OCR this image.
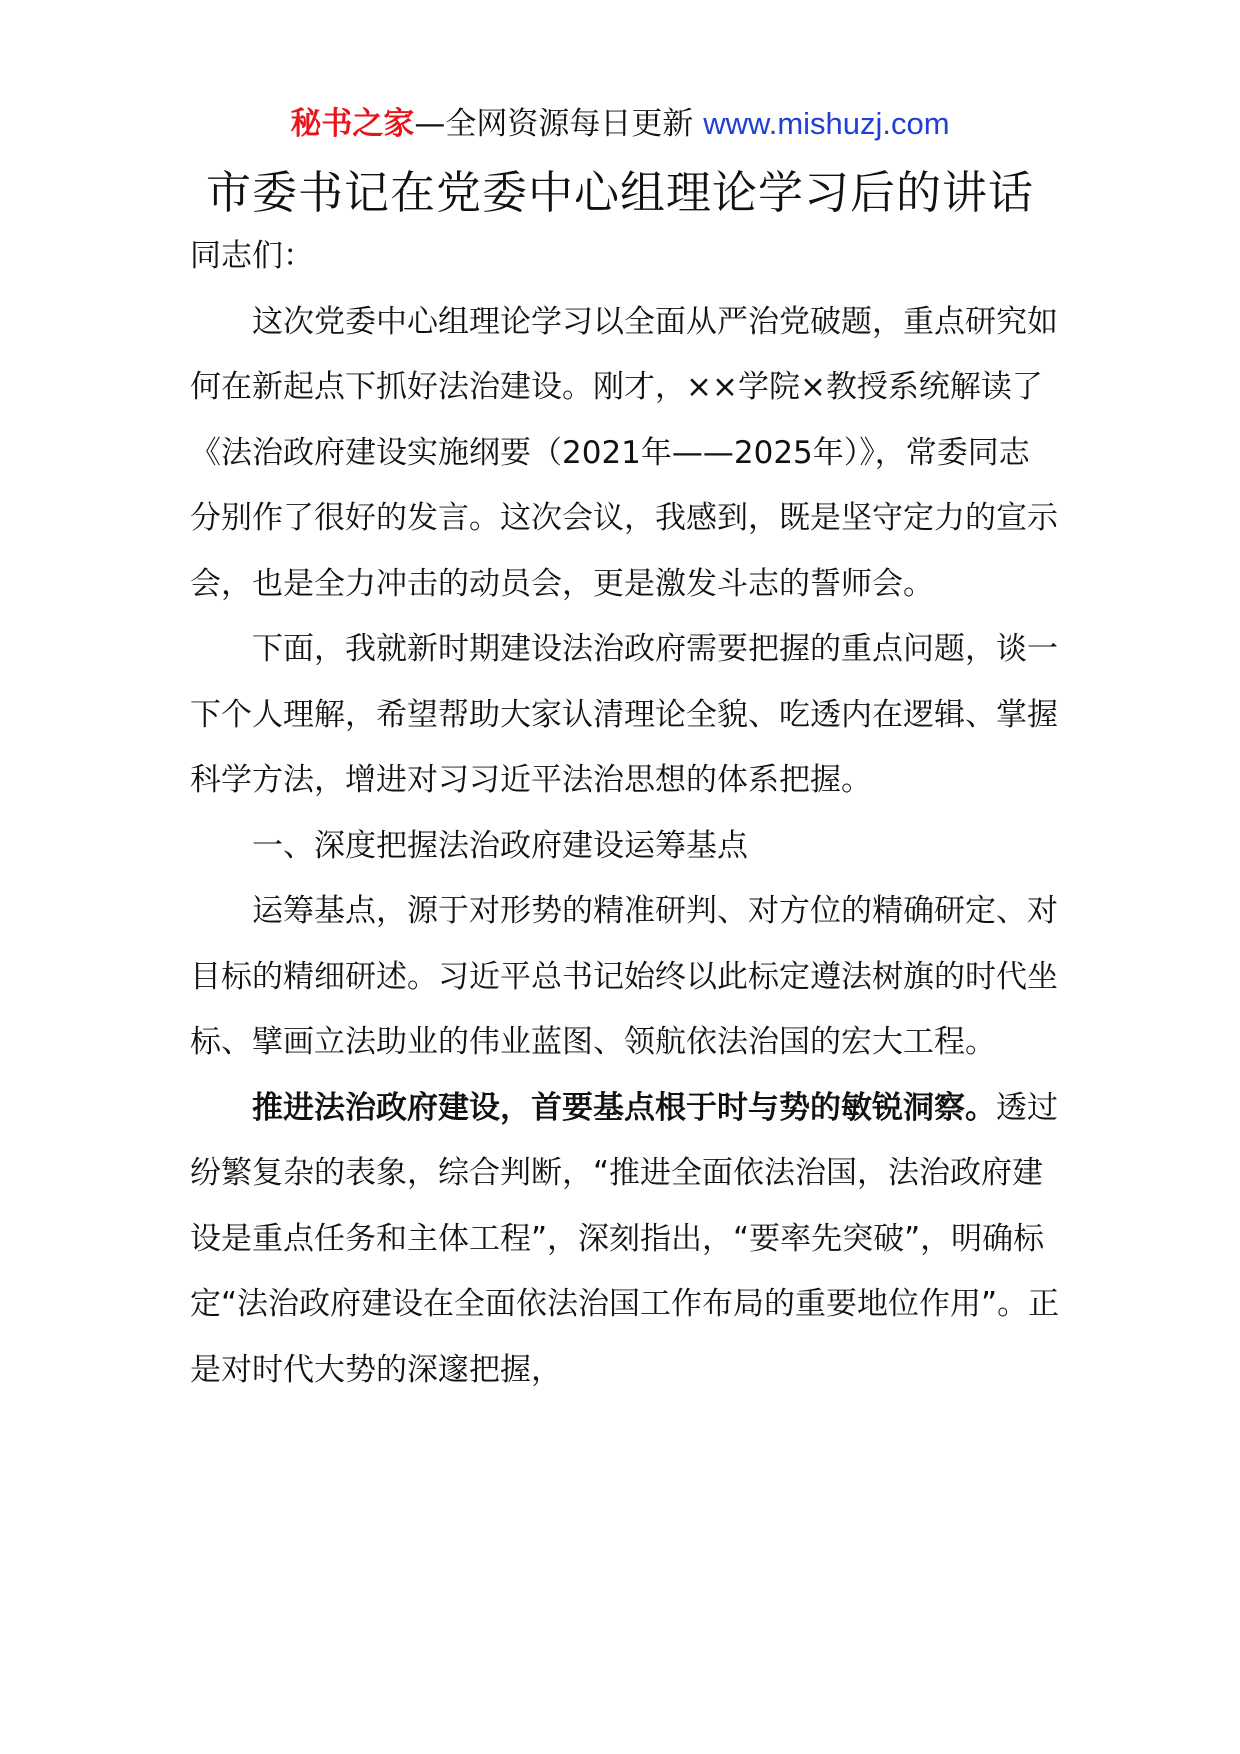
秘书之家—全网资源每日更新 www.mishuzj.com
市委书记在党委中心组理论学习后的讲话

同志们：

这次党委中心组理论学习以全面从严治党破题，重点研究如何在新起点下抓好法治建设。刚才，××学院×教授系统解读了《法治政府建设实施纲要（2021年——2025年）》，常委同志分别作了很好的发言。这次会议，我感到，既是坚守定力的宣示会，也是全力冲击的动员会，更是激发斗志的誓师会。

下面，我就新时期建设法治政府需要把握的重点问题，谈一下个人理解，希望帮助大家认清理论全貌、吃透内在逻辑、掌握科学方法，增进对习习近平法治思想的体系把握。

一、深度把握法治政府建设运筹基点

运筹基点，源于对形势的精准研判、对方位的精确研定、对目标的精细研述。习近平总书记始终以此标定遵法树旗的时代坐标、擘画立法助业的伟业蓝图、领航依法治国的宏大工程。

推进法治政府建设，首要基点根于时与势的敏锐洞察。透过纷繁复杂的表象，综合判断，“推进全面依法治国，法治政府建设是重点任务和主体工程”，深刻指出，“要率先突破”，明确标定“法治政府建设在全面依法治国工作布局的重要地位作用”。正是对时代大势的深邃把握，
